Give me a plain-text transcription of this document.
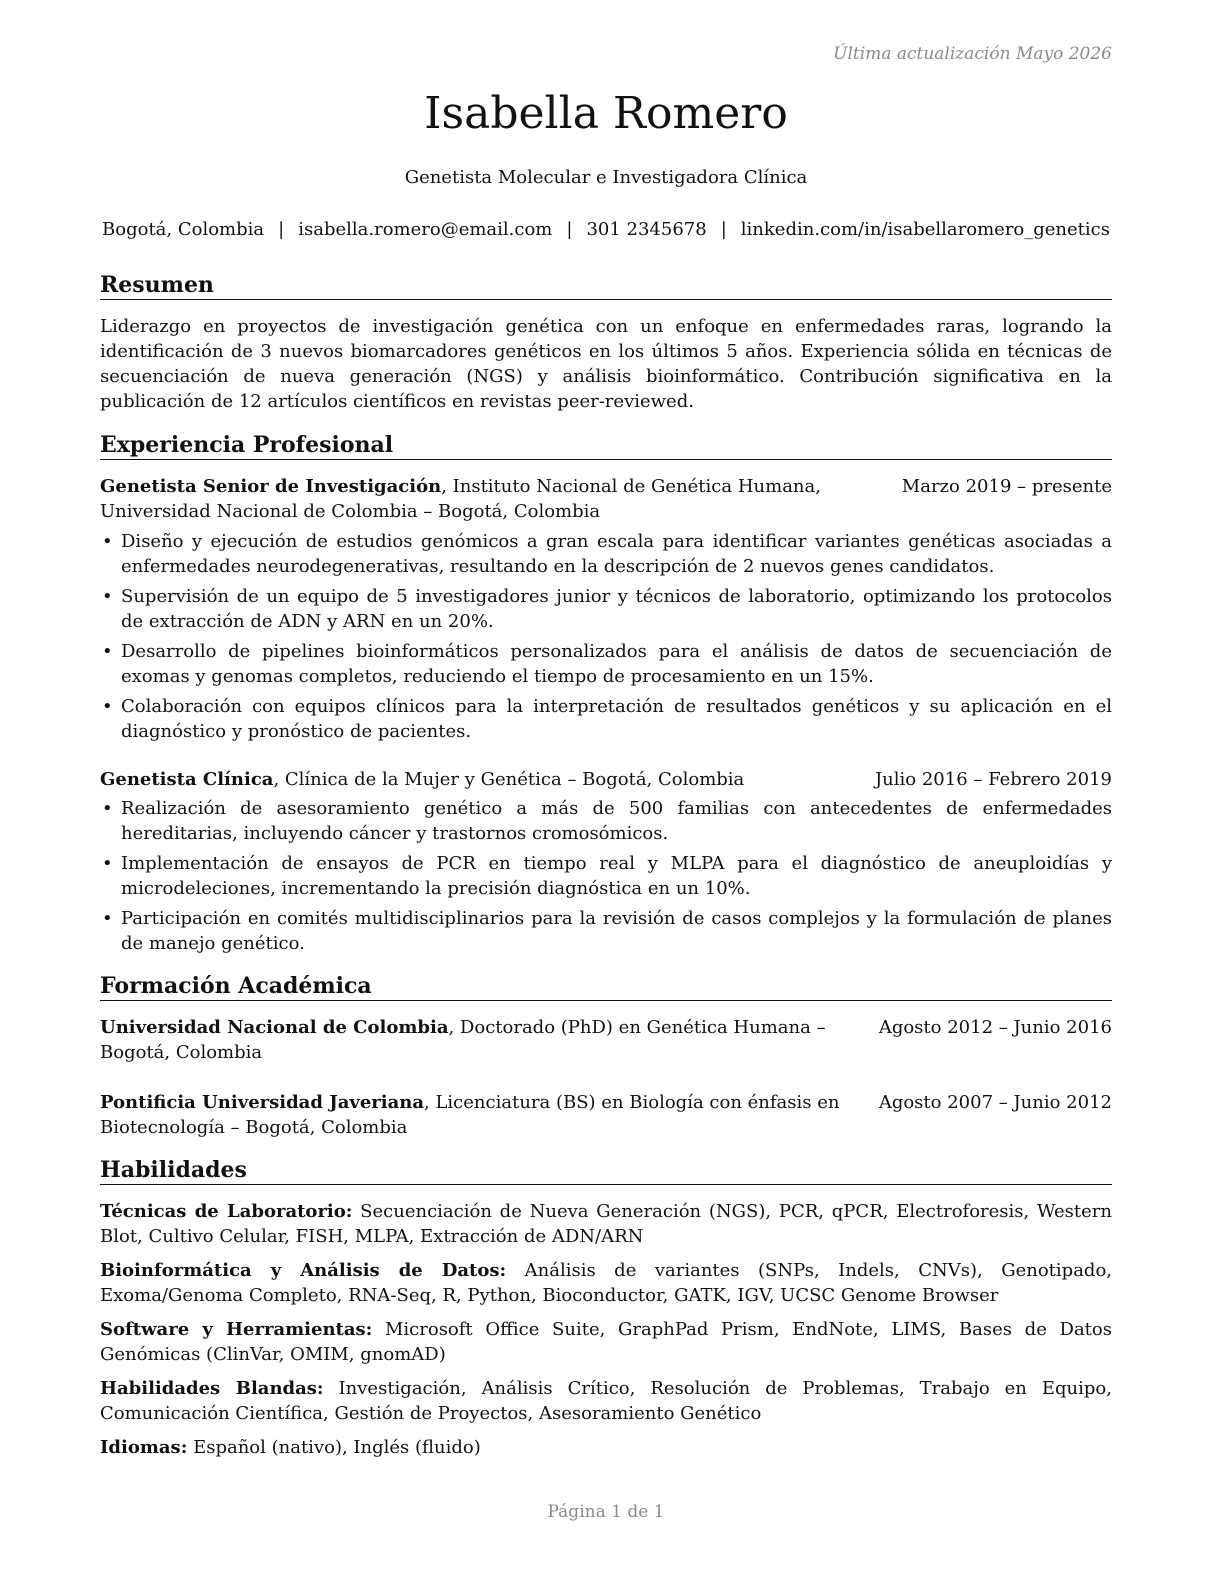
Última actualización Mayo 2026
Isabella Romero
Genetista Molecular e Investigadora Clínica
Bogotá, Colombia | isabella.romero@email.com | 301 2345678 | linkedin.com/in/isabellaromero_genetics
Resumen
Liderazgo en proyectos de investigación genética con un enfoque en enfermedades raras, logrando la identificación de 3 nuevos biomarcadores genéticos en los últimos 5 años. Experiencia sólida en técnicas de secuenciación de nueva generación (NGS) y análisis bioinformático. Contribución significativa en la publicación de 12 artículos científicos en revistas peer-reviewed.
Experiencia Profesional
Genetista Senior de Investigación, Instituto Nacional de Genética Humana, Universidad Nacional de Colombia – Bogotá, Colombia
Marzo 2019 – presente
• Diseño y ejecución de estudios genómicos a gran escala para identificar variantes genéticas asociadas a enfermedades neurodegenerativas, resultando en la descripción de 2 nuevos genes candidatos.
• Supervisión de un equipo de 5 investigadores junior y técnicos de laboratorio, optimizando los protocolos de extracción de ADN y ARN en un 20%.
• Desarrollo de pipelines bioinformáticos personalizados para el análisis de datos de secuenciación de exomas y genomas completos, reduciendo el tiempo de procesamiento en un 15%.
• Colaboración con equipos clínicos para la interpretación de resultados genéticos y su aplicación en el diagnóstico y pronóstico de pacientes.
Genetista Clínica, Clínica de la Mujer y Genética – Bogotá, Colombia	Julio 2016 – Febrero 2019
• Realización de asesoramiento genético a más de 500 familias con antecedentes de enfermedades hereditarias, incluyendo cáncer y trastornos cromosómicos.
• Implementación de ensayos de PCR en tiempo real y MLPA para el diagnóstico de aneuploidías y microdeleciones, incrementando la precisión diagnóstica en un 10%.
• Participación en comités multidisciplinarios para la revisión de casos complejos y la formulación de planes de manejo genético.
Formación Académica
Universidad Nacional de Colombia, Doctorado (PhD) en Genética Humana – Bogotá, Colombia
Agosto 2012 – Junio 2016
Pontificia Universidad Javeriana, Licenciatura (BS) en Biología con énfasis en Biotecnología – Bogotá, Colombia
Agosto 2007 – Junio 2012
Habilidades
Técnicas de Laboratorio: Secuenciación de Nueva Generación (NGS), PCR, qPCR, Electroforesis, Western Blot, Cultivo Celular, FISH, MLPA, Extracción de ADN/ARN
Bioinformática y Análisis de Datos: Análisis de variantes (SNPs, Indels, CNVs), Genotipado, Exoma/Genoma Completo, RNA-Seq, R, Python, Bioconductor, GATK, IGV, UCSC Genome Browser
Software y Herramientas: Microsoft Office Suite, GraphPad Prism, EndNote, LIMS, Bases de Datos Genómicas (ClinVar, OMIM, gnomAD)
Habilidades Blandas: Investigación, Análisis Crítico, Resolución de Problemas, Trabajo en Equipo, Comunicación Científica, Gestión de Proyectos, Asesoramiento Genético
Idiomas: Español (nativo), Inglés (fluido)
Página 1 de 1
